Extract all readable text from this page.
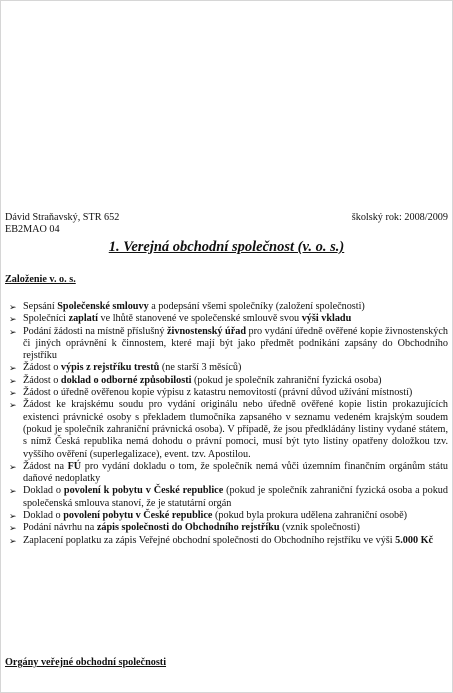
Dávid Straňavský, STR 652	školský rok: 2008/2009
EB2MAO 04
1. Verejná obchodní společnost (v. o. s.)
Založenie v. o. s.
➢ Sepsání Společenské smlouvy a podepsání všemi společníky (založení společnosti)
➢ Společníci zaplatí ve lhůtě stanovené ve společenské smlouvě svou výši vkladu
➢ Podání žádosti na místně příslušný živnostenský úřad pro vydání úředně ověřené kopie živnostenských či jiných oprávnění k činnostem, které mají být jako předmět podnikání zapsány do Obchodního rejstříku
➢ Žádost o výpis z rejstříku trestů (ne starší 3 měsíců)
➢ Žádost o doklad o odborné způsobilosti (pokud je společník zahraniční fyzická osoba)
➢ Žádost o úředně ověřenou kopie výpisu z katastru nemovitostí (právní důvod užívání místností)
➢ Žádost ke krajskému soudu pro vydání originálu nebo úředně ověřené kopie listin prokazujících existenci právnické osoby s překladem tlumočníka zapsaného v seznamu vedeném krajským soudem (pokud je společník zahraniční právnická osoba). V případě, že jsou předkládány listiny vydané státem, s nímž Česká republika nemá dohodu o právní pomoci, musí být tyto listiny opatřeny doložkou tzv. vyššího ověření (superlegalizace), event. tzv. Apostilou.
➢ Žádost na FÚ pro vydání dokladu o tom, že společník nemá vůči územním finančním orgánům státu daňové nedoplatky
➢ Doklad o povolení k pobytu v České republice (pokud je společník zahraniční fyzická osoba a pokud společenská smlouva stanoví, že je statutární orgán
➢ Doklad o povolení pobytu v České republice (pokud byla prokura udělena zahraniční osobě)
➢ Podání návrhu na zápis společnosti do Obchodního rejstříku (vznik společnosti)
➢ Zaplacení poplatku za zápis Veřejné obchodní společnosti do Obchodního rejstříku ve výši 5.000 Kč
Orgány veřejné obchodní společnosti
